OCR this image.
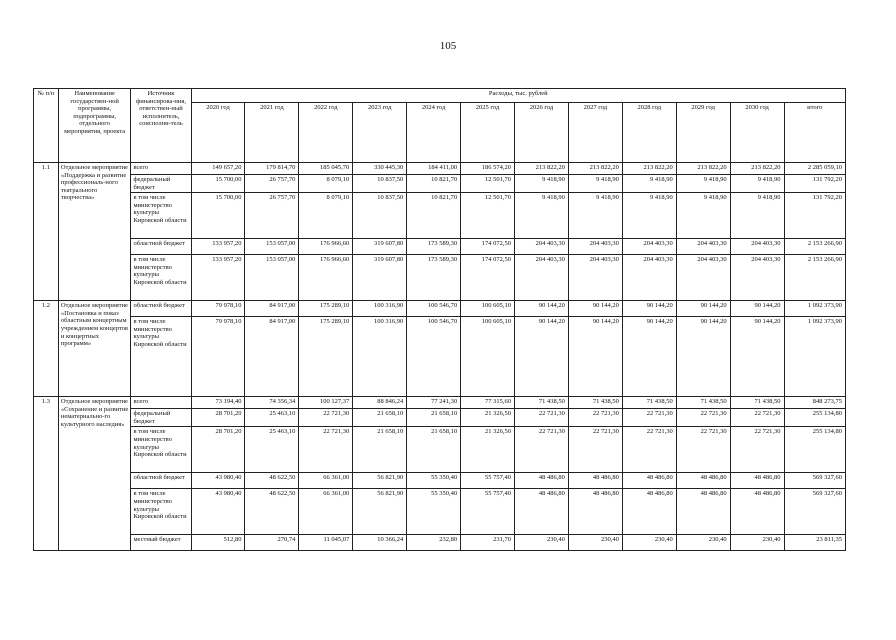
105
№ п/п	Наименование государствен-ной программы, подпрограммы, отдельного мероприятия, проекта	Источник финансирова-ния, ответствен-ный исполнитель, соисполни-тель	Расходы, тыс. рублей											
			2020 год	2021 год	2022 год	2023 год	2024 год	2025 год	2026 год	2027 год	2028 год	2029 год	2030 год	итого
1.1	Отдельное мероприятие «Поддержка и развитие профессиональ-ного театрального творчества»	всего	149 657,20	179 814,70	185 045,70	330 445,30	184 411,00	186 574,20	213 822,20	213 822,20	213 822,20	213 822,20	213 822,20	2 285 059,10
		федеральный бюджет	15 700,00	26 757,70	8 079,10	10 837,50	10 821,70	12 501,70	9 418,90	9 418,90	9 418,90	9 418,90	9 418,90	131 792,20
		в том числе министерство культуры Кировской области	15 700,00	26 757,70	8 079,10	10 837,50	10 821,70	12 501,70	9 418,90	9 418,90	9 418,90	9 418,90	9 418,90	131 792,20
		областной бюджет	133 957,20	153 057,00	176 966,60	319 607,80	173 589,30	174 072,50	204 403,30	204 403,30	204 403,30	204 403,30	204 403,30	2 153 266,90
		в том числе министерство культуры Кировской области	133 957,20	153 057,00	176 966,60	319 607,80	173 589,30	174 072,50	204 403,30	204 403,30	204 403,30	204 403,30	204 403,30	2 153 266,90
1.2	Отдельное мероприятие «Постановка и показ областным концертным учреждением концертов и концертных программ»	областной бюджет	79 978,10	84 917,00	175 289,10	100 316,90	100 546,70	100 605,10	90 144,20	90 144,20	90 144,20	90 144,20	90 144,20	1 092 373,90
		в том числе министерство культуры Кировской области	79 978,10	84 917,00	175 289,10	100 316,90	100 546,70	100 605,10	90 144,20	90 144,20	90 144,20	90 144,20	90 144,20	1 092 373,90
1.3	Отдельное мероприятие «Сохранение и развитие нематериально-го культурного наследия»	всего	73 194,40	74 356,34	100 127,37	88 846,24	77 241,30	77 315,60	71 438,50	71 438,50	71 438,50	71 438,50	71 438,50	848 273,75
		федеральный бюджет	28 701,20	25 463,10	22 721,30	21 658,10	21 658,10	21 326,50	22 721,30	22 721,30	22 721,30	22 721,30	22 721,30	255 134,80
		в том числе министерство культуры Кировской области	28 701,20	25 463,10	22 721,30	21 658,10	21 658,10	21 326,50	22 721,30	22 721,30	22 721,30	22 721,30	22 721,30	255 134,80
		областной бюджет	43 980,40	48 622,50	66 361,00	56 821,90	55 350,40	55 757,40	48 486,80	48 486,80	48 486,80	48 486,80	48 486,80	569 327,60
		в том числе министерство культуры Кировской области	43 980,40	48 622,50	66 361,00	56 821,90	55 350,40	55 757,40	48 486,80	48 486,80	48 486,80	48 486,80	48 486,80	569 327,60
		местный бюджет	512,80	270,74	11 045,07	10 366,24	232,80	231,70	230,40	230,40	230,40	230,40	230,40	23 811,35
